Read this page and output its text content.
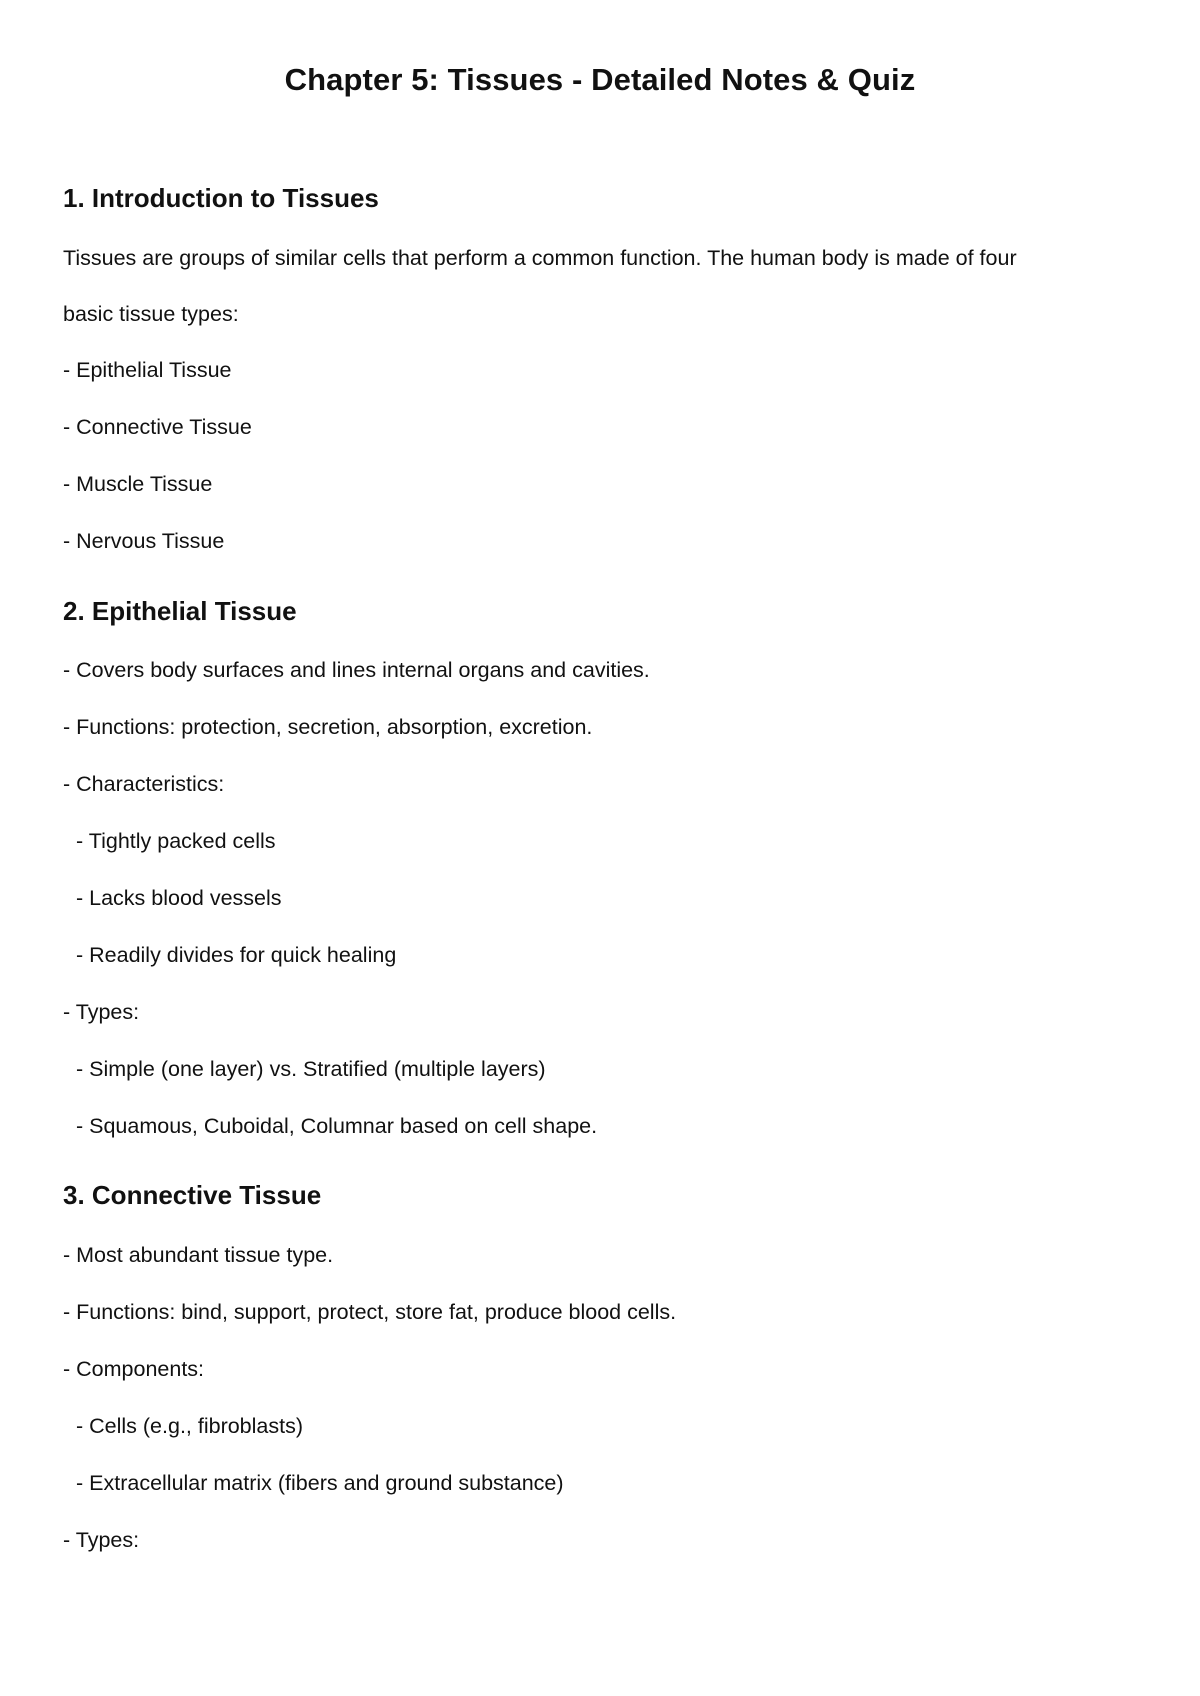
Chapter 5: Tissues - Detailed Notes & Quiz
1. Introduction to Tissues
Tissues are groups of similar cells that perform a common function. The human body is made of four
basic tissue types:
- Epithelial Tissue
- Connective Tissue
- Muscle Tissue
- Nervous Tissue
2. Epithelial Tissue
- Covers body surfaces and lines internal organs and cavities.
- Functions: protection, secretion, absorption, excretion.
- Characteristics:
- Tightly packed cells
- Lacks blood vessels
- Readily divides for quick healing
- Types:
- Simple (one layer) vs. Stratified (multiple layers)
- Squamous, Cuboidal, Columnar based on cell shape.
3. Connective Tissue
- Most abundant tissue type.
- Functions: bind, support, protect, store fat, produce blood cells.
- Components:
- Cells (e.g., fibroblasts)
- Extracellular matrix (fibers and ground substance)
- Types:
